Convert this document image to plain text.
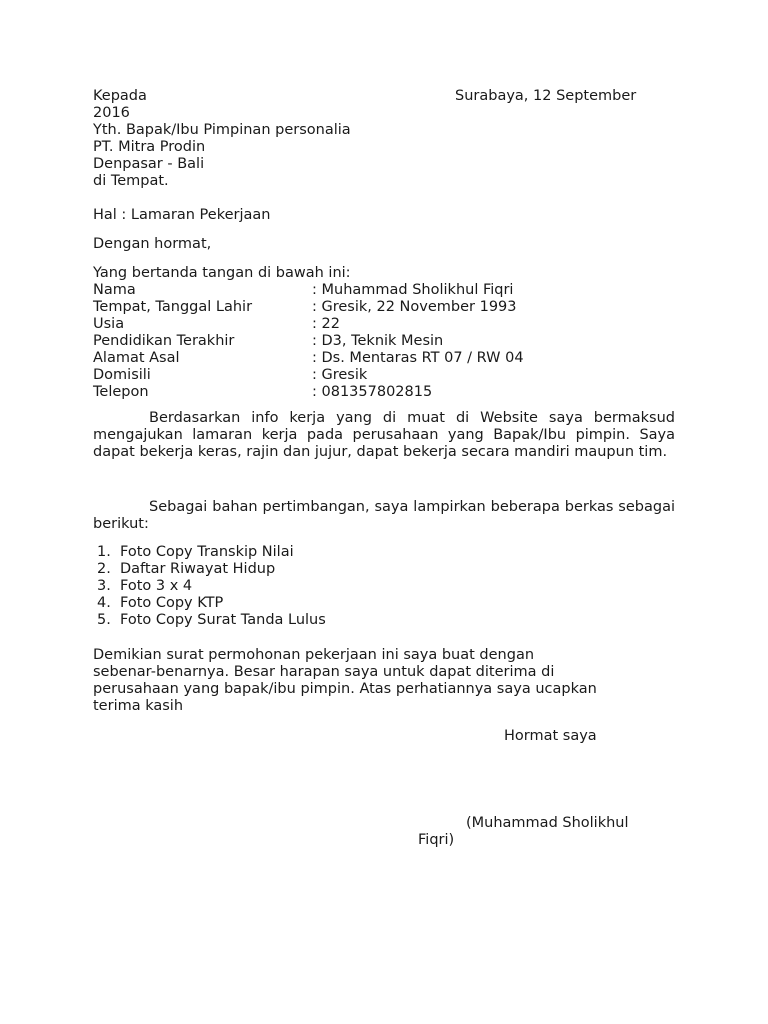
Kepada	Surabaya, 12 September
2016
Yth. Bapak/Ibu Pimpinan personalia
PT. Mitra Prodin
Denpasar - Bali
di Tempat.
Hal : Lamaran Pekerjaan
Dengan hormat,
Yang bertanda tangan di bawah ini:
Nama	: Muhammad Sholikhul Fiqri
Tempat, Tanggal Lahir	: Gresik, 22 November 1993
Usia	: 22
Pendidikan Terakhir	: D3, Teknik Mesin
Alamat Asal	: Ds. Mentaras RT 07 / RW 04
Domisili	: Gresik
Telepon	: 081357802815
Berdasarkan info kerja yang di muat di Website saya bermaksud mengajukan lamaran kerja pada perusahaan yang Bapak/Ibu pimpin. Saya dapat bekerja keras, rajin dan jujur, dapat bekerja secara mandiri maupun tim.
Sebagai bahan pertimbangan, saya lampirkan beberapa berkas sebagai berikut:
1. Foto Copy Transkip Nilai
2. Daftar Riwayat Hidup
3. Foto 3 x 4
4. Foto Copy KTP
5. Foto Copy Surat Tanda Lulus
Demikian surat permohonan pekerjaan ini saya buat dengan
sebenar-benarnya. Besar harapan saya untuk dapat diterima di
perusahaan yang bapak/ibu pimpin. Atas perhatiannya saya ucapkan
terima kasih
Hormat saya
(Muhammad Sholikhul
Fiqri)
